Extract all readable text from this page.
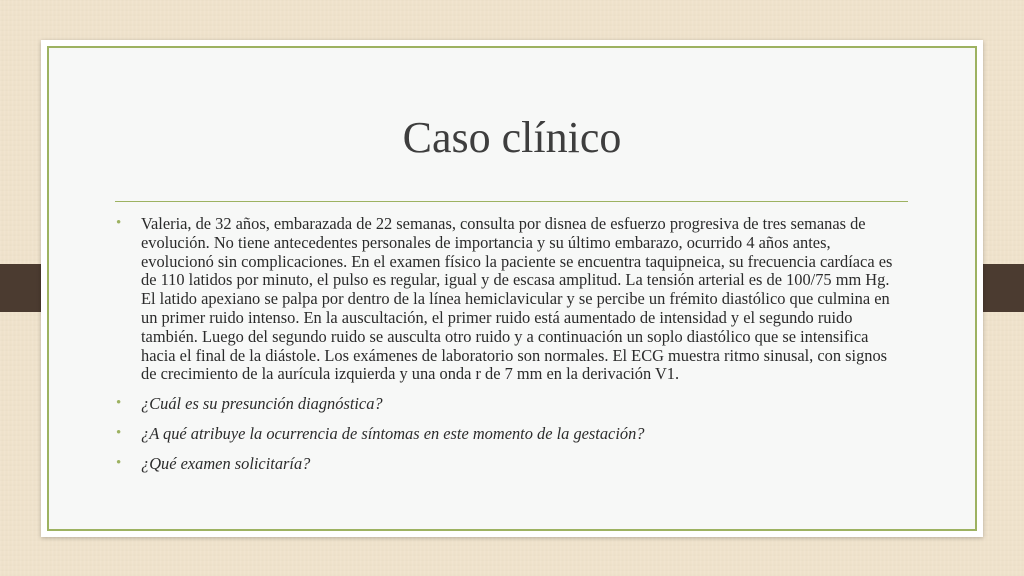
Caso clínico
• Valeria, de 32 años, embarazada de 22 semanas, consulta por disnea de esfuerzo progresiva de tres semanas de evolución. No tiene antecedentes personales de importancia y su último embarazo, ocurrido 4 años antes, evolucionó sin complicaciones. En el examen físico la paciente se encuentra taquipneica, su frecuencia cardíaca es de 110 latidos por minuto, el pulso es regular, igual y de escasa amplitud. La tensión arterial es de 100/75 mm Hg. El latido apexiano se palpa por dentro de la línea hemiclavicular y se percibe un frémito diastólico que culmina en un primer ruido intenso. En la auscultación, el primer ruido está aumentado de intensidad y el segundo ruido también. Luego del segundo ruido se ausculta otro ruido y a continuación un soplo diastólico que se intensifica hacia el final de la diástole. Los exámenes de laboratorio son normales. El ECG muestra ritmo sinusal, con signos de crecimiento de la aurícula izquierda y una onda r de 7 mm en la derivación V1.
• ¿Cuál es su presunción diagnóstica?
• ¿A qué atribuye la ocurrencia de síntomas en este momento de la gestación?
• ¿Qué examen solicitaría?
